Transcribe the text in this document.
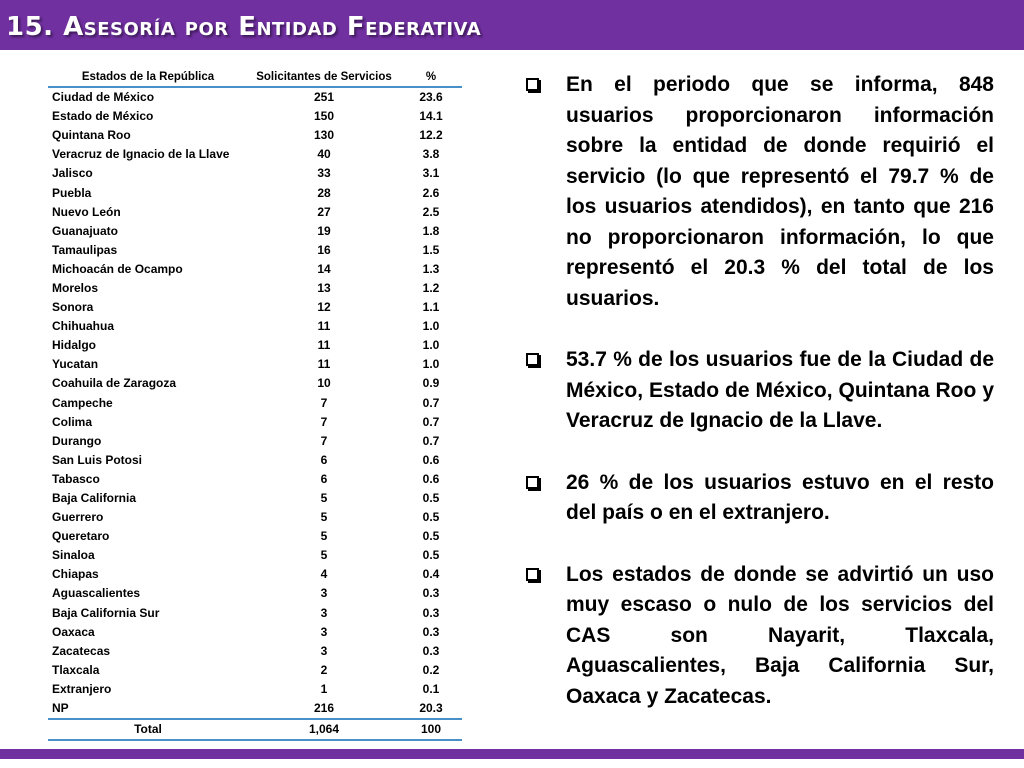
15. Asesoría por Entidad Federativa
Estados de la República	Solicitantes de Servicios	%
Ciudad de México	251	23.6
Estado de México	150	14.1
Quintana Roo	130	12.2
Veracruz de Ignacio de la Llave	40	3.8
Jalisco	33	3.1
Puebla	28	2.6
Nuevo León	27	2.5
Guanajuato	19	1.8
Tamaulipas	16	1.5
Michoacán de Ocampo	14	1.3
Morelos	13	1.2
Sonora	12	1.1
Chihuahua	11	1.0
Hidalgo	11	1.0
Yucatan	11	1.0
Coahuila de Zaragoza	10	0.9
Campeche	7	0.7
Colima	7	0.7
Durango	7	0.7
San Luis Potosi	6	0.6
Tabasco	6	0.6
Baja California	5	0.5
Guerrero	5	0.5
Queretaro	5	0.5
Sinaloa	5	0.5
Chiapas	4	0.4
Aguascalientes	3	0.3
Baja California Sur	3	0.3
Oaxaca	3	0.3
Zacatecas	3	0.3
Tlaxcala	2	0.2
Extranjero	1	0.1
NP	216	20.3
Total	1,064	100
En el periodo que se informa, 848 usuarios proporcionaron información sobre la entidad de donde requirió el servicio (lo que representó el 79.7 % de los usuarios atendidos), en tanto que 216 no proporcionaron información, lo que representó el 20.3 % del total de los usuarios.
53.7 % de los usuarios fue de la Ciudad de México, Estado de México, Quintana Roo y Veracruz de Ignacio de la Llave.
26 % de los usuarios estuvo en el resto del país o en el extranjero.
Los estados de donde se advirtió un uso muy escaso o nulo de los servicios del CAS son Nayarit, Tlaxcala, Aguascalientes, Baja California Sur, Oaxaca y Zacatecas.
